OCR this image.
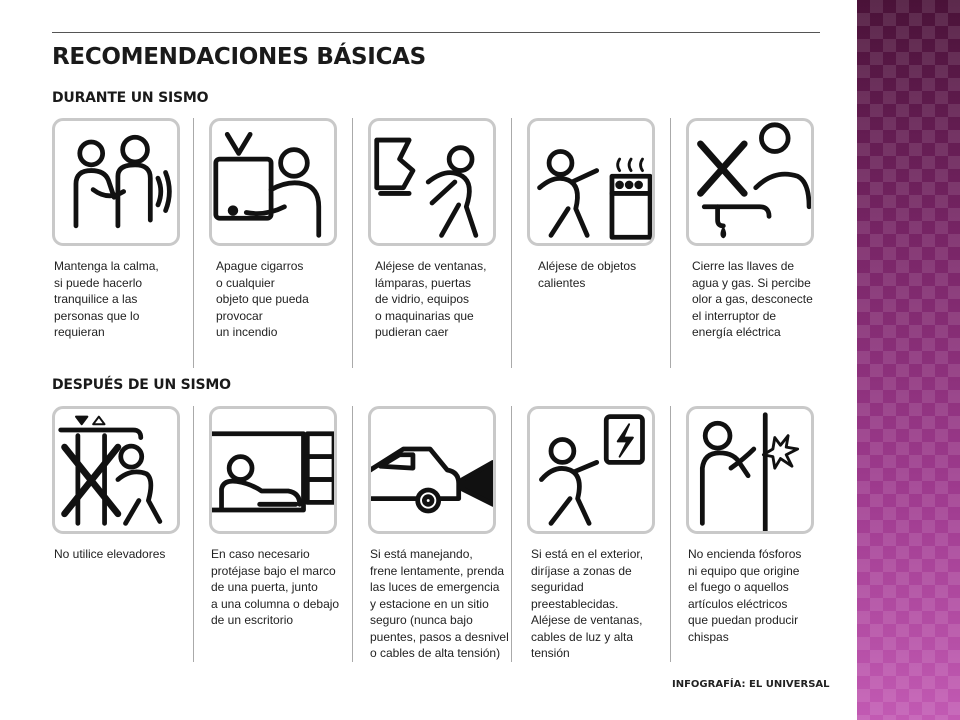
RECOMENDACIONES BÁSICAS
DURANTE UN SISMO
Mantenga la calma,
si puede hacerlo
tranquilice a las
personas que lo
requieran
Apague cigarros
o cualquier
objeto que pueda
provocar
un incendio
Aléjese de ventanas,
lámparas, puertas
de vidrio, equipos
o maquinarias que
pudieran caer
Aléjese de objetos
calientes
Cierre las llaves de
agua y gas. Si percibe
olor a gas, desconecte
el interruptor de
energía eléctrica
DESPUÉS DE UN SISMO
No utilice elevadores	En caso necesario
protéjase bajo el marco
de una puerta, junto
a una columna o debajo
de un escritorio
Si está manejando,
frene lentamente, prenda
las luces de emergencia
y estacione en un sitio
seguro (nunca bajo
puentes, pasos a desnivel
o cables de alta tensión)
Si está en el exterior,
diríjase a zonas de
seguridad
preestablecidas.
Aléjese de ventanas,
cables de luz y alta
tensión
No encienda fósforos
ni equipo que origine
el fuego o aquellos
artículos eléctricos
que puedan producir
chispas
INFOGRAFÍA: EL UNIVERSAL
